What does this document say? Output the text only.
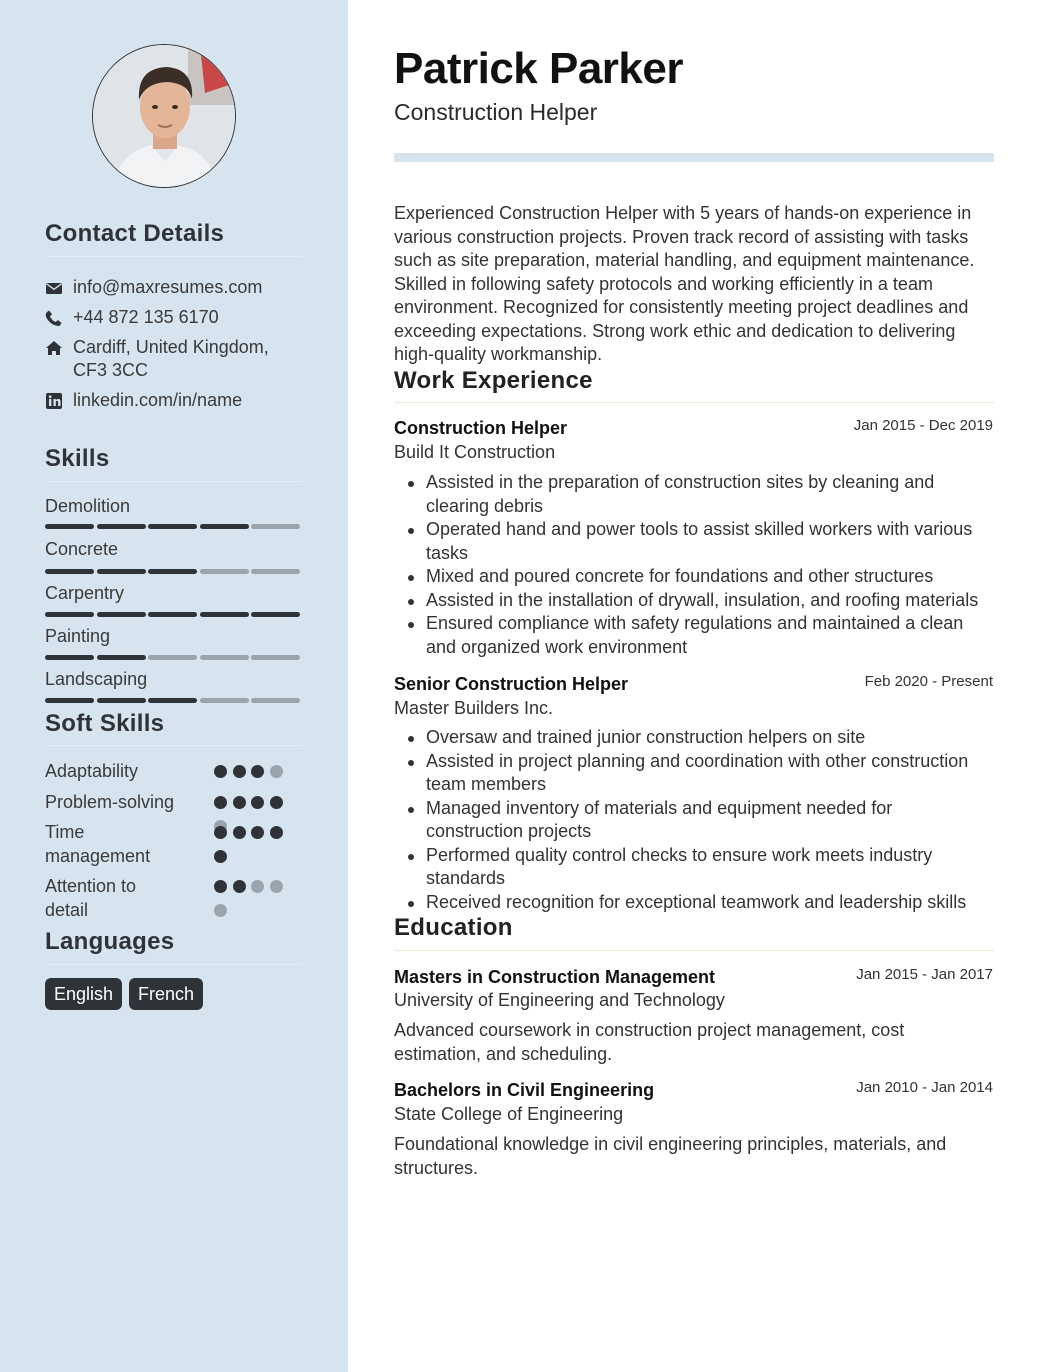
Contact Details
info@maxresumes.com
+44 872 135 6170
Cardiff, United Kingdom,
CF3 3CC
linkedin.com/in/name
Skills
Demolition
Concrete
Carpentry
Painting
Landscaping
Soft Skills
Adaptability
Problem-solving
Time
management
Attention to
detail
Languages
English	French
Patrick Parker
Construction Helper
Experienced Construction Helper with 5 years of hands-on experience in various construction projects. Proven track record of assisting with tasks such as site preparation, material handling, and equipment maintenance. Skilled in following safety protocols and working efficiently in a team environment. Recognized for consistently meeting project deadlines and exceeding expectations. Strong work ethic and dedication to delivering high-quality workmanship.
Work Experience
Construction Helper	Jan 2015 - Dec 2019
Build It Construction
Assisted in the preparation of construction sites by cleaning and clearing debris
Operated hand and power tools to assist skilled workers with various tasks
Mixed and poured concrete for foundations and other structures
Assisted in the installation of drywall, insulation, and roofing materials
Ensured compliance with safety regulations and maintained a clean and organized work environment
Senior Construction Helper	Feb 2020 - Present
Master Builders Inc.
Oversaw and trained junior construction helpers on site
Assisted in project planning and coordination with other construction team members
Managed inventory of materials and equipment needed for construction projects
Performed quality control checks to ensure work meets industry standards
Received recognition for exceptional teamwork and leadership skills
Education
Masters in Construction Management	Jan 2015 - Jan 2017
University of Engineering and Technology
Advanced coursework in construction project management, cost estimation, and scheduling.
Bachelors in Civil Engineering	Jan 2010 - Jan 2014
State College of Engineering
Foundational knowledge in civil engineering principles, materials, and structures.
